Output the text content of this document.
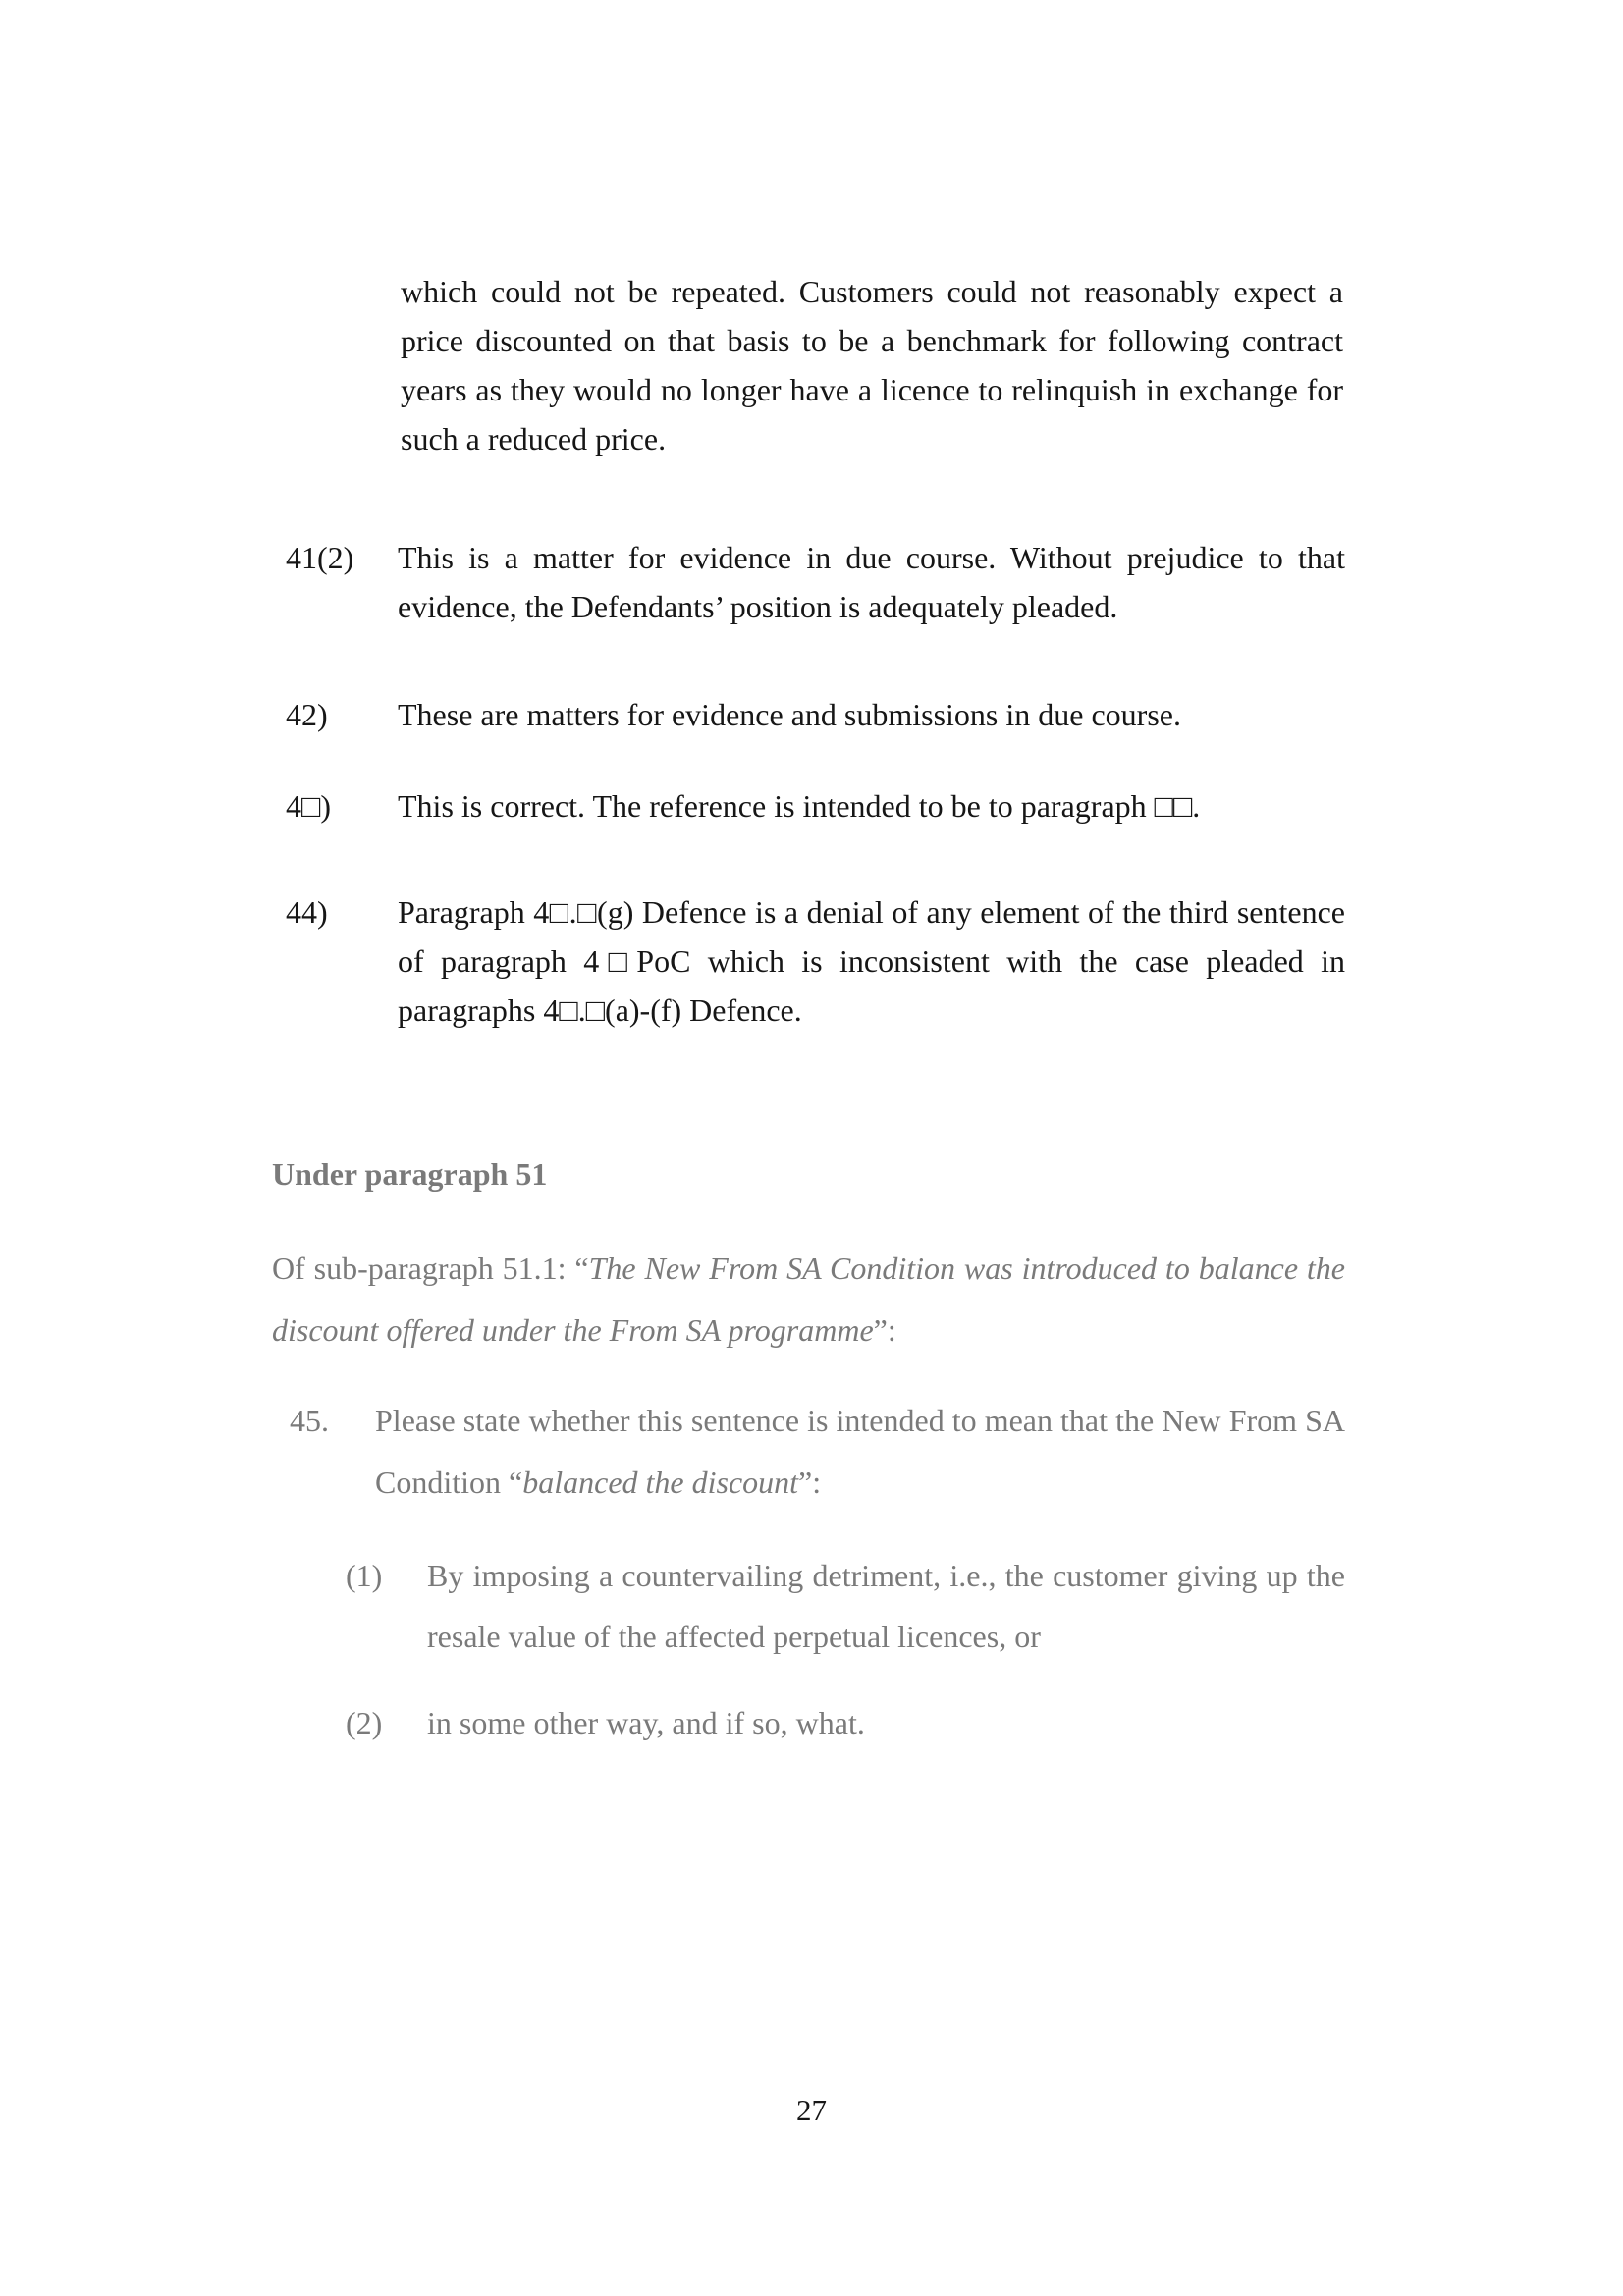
which could not be repeated. Customers could not reasonably expect a price discounted on that basis to be a benchmark for following contract years as they would no longer have a licence to relinquish in exchange for such a reduced price.

41(2) This is a matter for evidence in due course. Without prejudice to that evidence, the Defendants’ position is adequately pleaded.

42) These are matters for evidence and submissions in due course.

4□) This is correct. The reference is intended to be to paragraph □□.

44) Paragraph 4□.□(g) Defence is a denial of any element of the third sentence of paragraph 4□PoC which is inconsistent with the case pleaded in paragraphs 4□.□(a)-(f) Defence.

Under paragraph 51

Of sub-paragraph 51.1: “The New From SA Condition was introduced to balance the discount offered under the From SA programme”:

45. Please state whether this sentence is intended to mean that the New From SA Condition “balanced the discount”:

(1) By imposing a countervailing detriment, i.e., the customer giving up the resale value of the affected perpetual licences, or

(2) in some other way, and if so, what.

27
